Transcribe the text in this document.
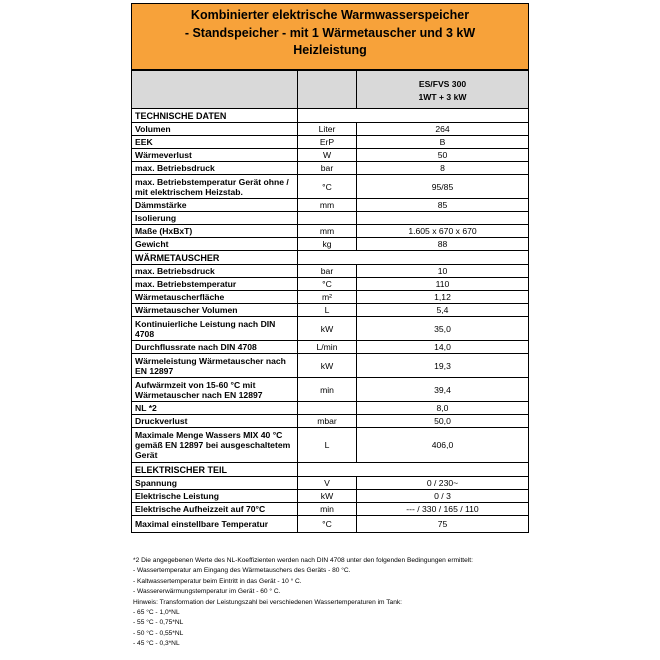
Kombinierter elektrische Warmwasserspeicher
- Standspeicher - mit 1 Wärmetauscher und 3 kW
Heizleistung

		ES/FVS 300
1WT + 3 kW

TECHNISCHE DATEN		
Volumen	Liter	264
EEK	ErP	B
Wärmeverlust	W	50
max. Betriebsdruck	bar	8
max. Betriebstemperatur Gerät ohne / mit elektrischem Heizstab.	°C	95/85
Dämmstärke	mm	85
Isolierung		
Maße (HxBxT)	mm	1.605 x 670 x 670
Gewicht	kg	88
WÄRMETAUSCHER		
max. Betriebsdruck	bar	10
max. Betriebstemperatur	°C	110
Wärmetauscherfläche	m²	1,12
Wärmetauscher Volumen	L	5,4
Kontinuierliche Leistung nach DIN 4708	kW	35,0
Durchflussrate nach DIN 4708	L/min	14,0
Wärmeleistung Wärmetauscher nach EN 12897	kW	19,3
Aufwärmzeit von 15-60 °C mit Wärmetauscher nach EN 12897	min	39,4
NL *2		8,0
Druckverlust	mbar	50,0
Maximale Menge Wassers MIX 40 °C gemäß EN 12897 bei ausgeschaltetem Gerät	L	406,0
ELEKTRISCHER TEIL		
Spannung	V	0 / 230~
Elektrische Leistung	kW	0 / 3
Elektrische Aufheizzeit auf 70°C	min	--- / 330 / 165 / 110
Maximal einstellbare Temperatur	°C	75
*2 Die angegebenen Werte des NL-Koeffizienten werden nach DIN 4708 unter den folgenden Bedingungen ermittelt:
- Wassertemperatur am Eingang des Wärmetauschers des Geräts - 80 °C.
- Kaltwassertemperatur beim Eintritt in das Gerät - 10 ° C.
- Wassererwärmungstemperatur im Gerät - 60 ° C.
Hinweis: Transformation der Leistungszahl bei verschiedenen Wassertemperaturen im Tank:
- 65 °C - 1,0*NL
- 55 °C - 0,75*NL
- 50 °C - 0,55*NL
- 45 °C - 0,3*NL
